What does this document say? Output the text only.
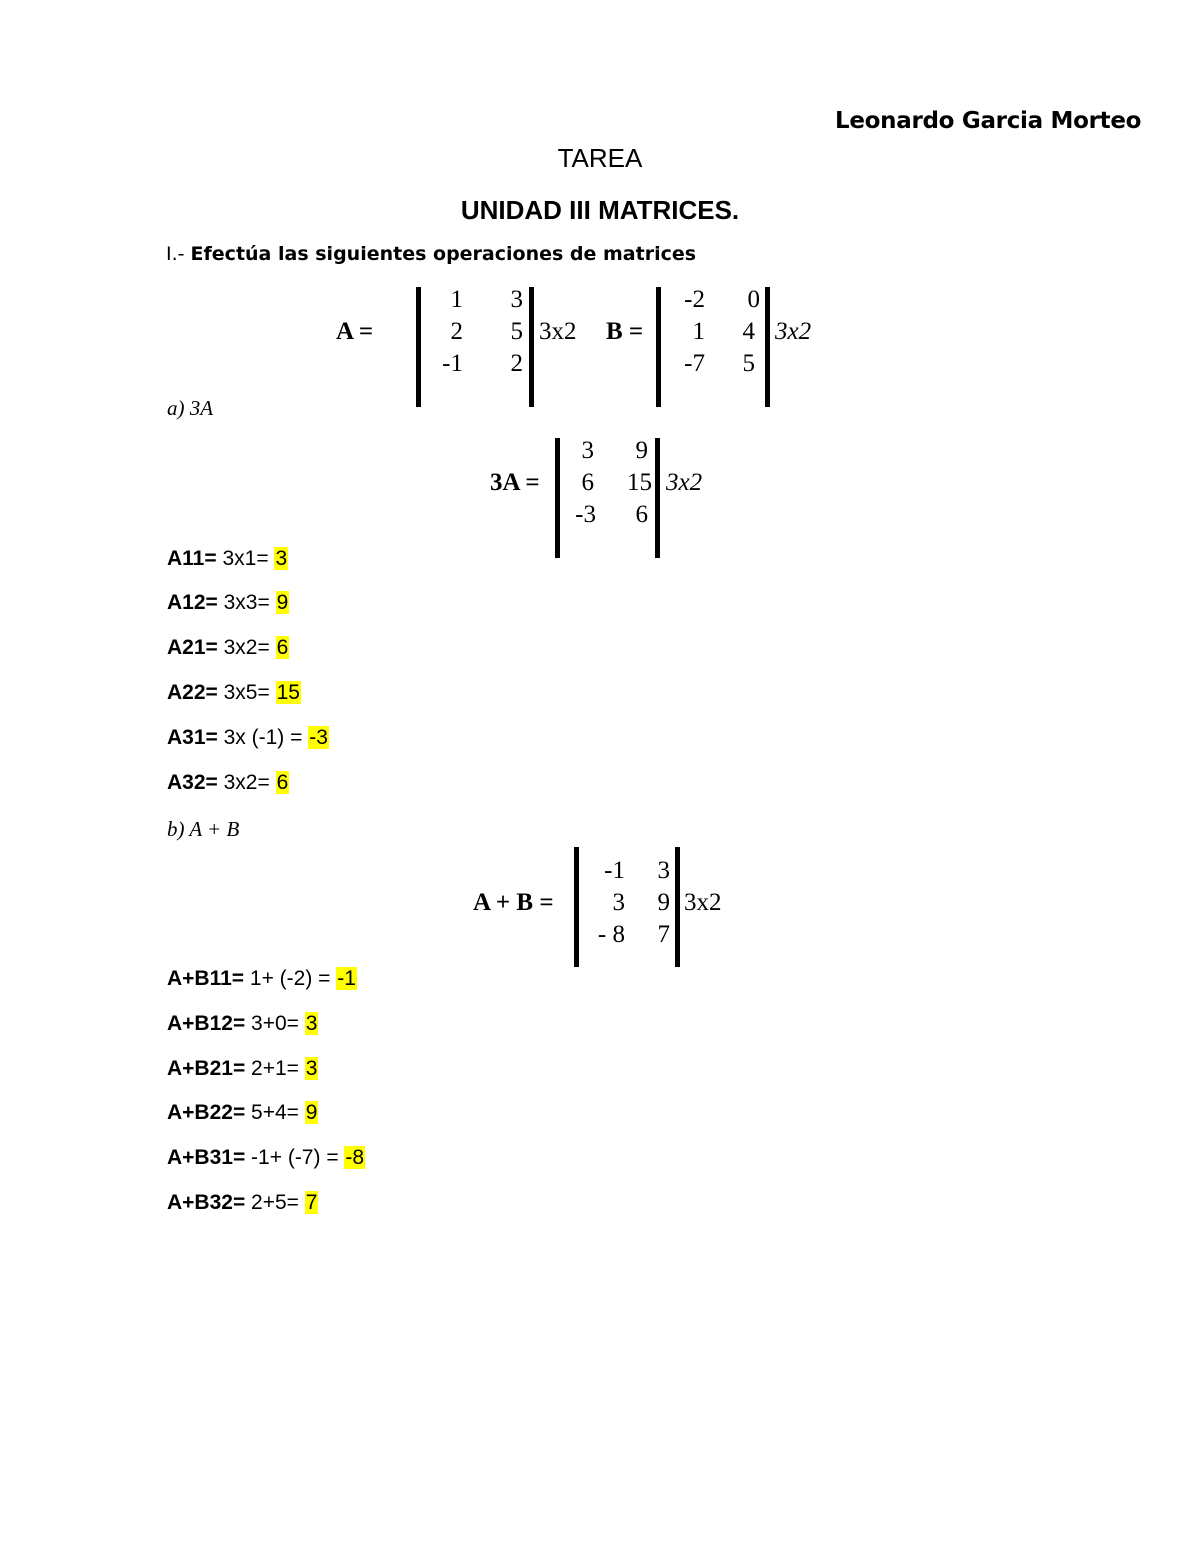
Leonardo Garcia Morteo
TAREA
UNIDAD III MATRICES.
I.- Efectúa las siguientes operaciones de matrices
A =
1	3
2	5
-1	2
3x2 B =
-2	0
1	4
-7	5
3x2
a) 3A
3A =
3	9
6	15
-3	6
3x2
A11= 3x1= 3
A12= 3x3= 9
A21= 3x2= 6
A22= 3x5= 15
A31= 3x (-1) = -3
A32= 3x2= 6
b) A + B
A + B =
-1	3
3	9
- 8	7
3x2
A+B11= 1+ (-2) = -1
A+B12= 3+0= 3
A+B21= 2+1= 3
A+B22= 5+4= 9
A+B31= -1+ (-7) = -8
A+B32= 2+5= 7
